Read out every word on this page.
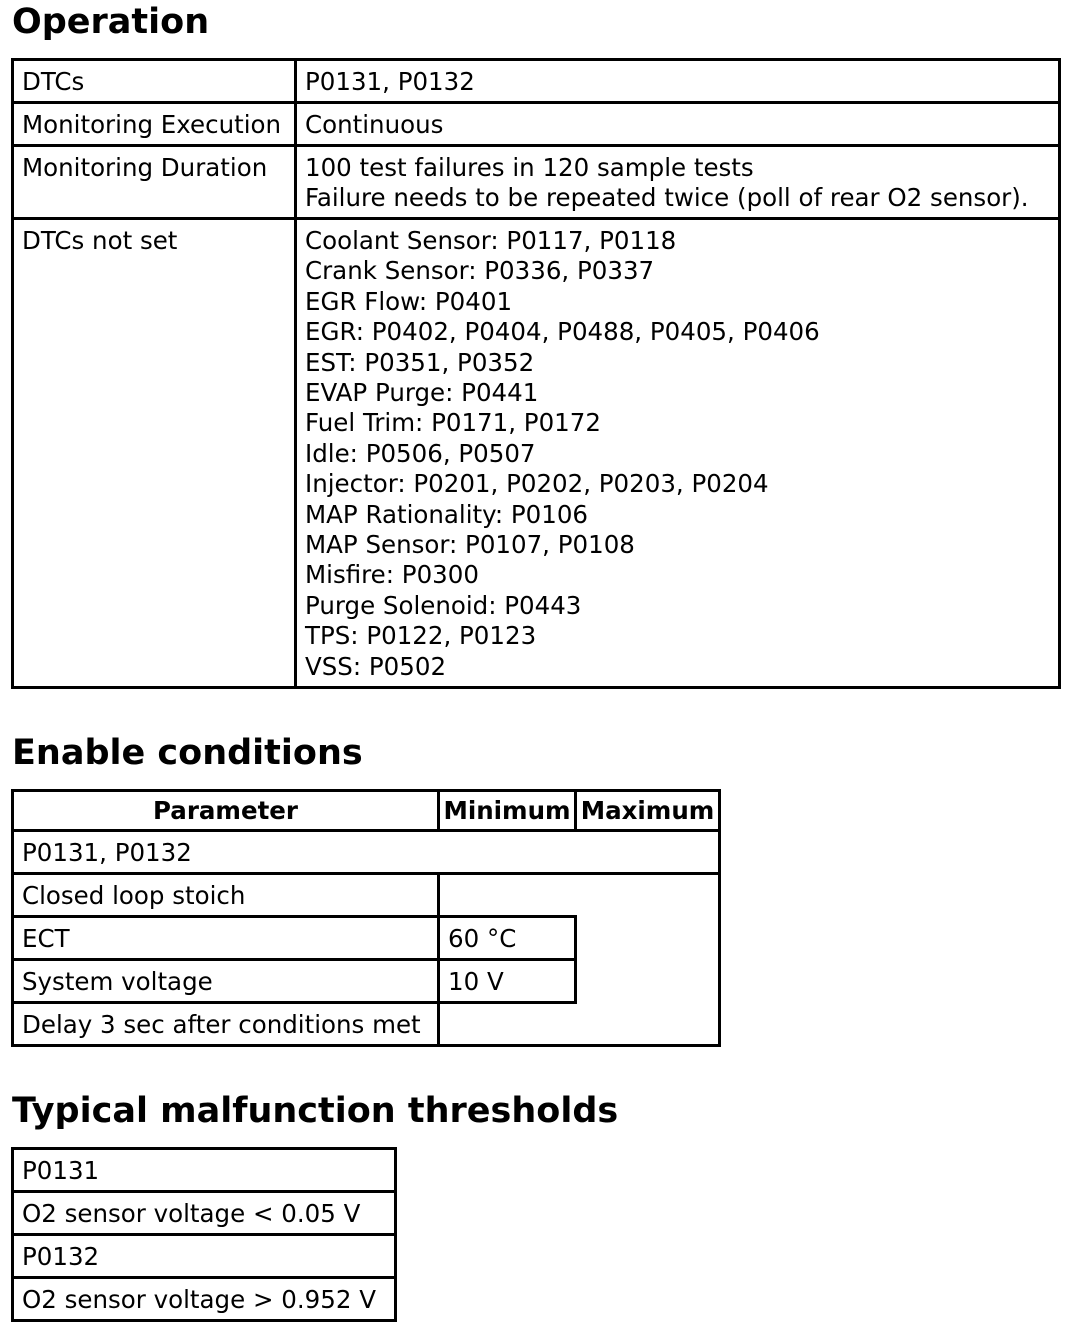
Operation
DTCs	P0131, P0132
Monitoring Execution Continuous
Monitoring Duration	100 test failures in 120 sample tests
Failure needs to be repeated twice (poll of rear O2 sensor).
DTCs not set	Coolant Sensor: P0117, P0118
Crank Sensor: P0336, P0337
EGR Flow: P0401
EGR: P0402, P0404, P0488, P0405, P0406
EST: P0351, P0352
EVAP Purge: P0441
Fuel Trim: P0171, P0172
Idle: P0506, P0507
Injector: P0201, P0202, P0203, P0204
MAP Rationality: P0106
MAP Sensor: P0107, P0108
Misfire: P0300
Purge Solenoid: P0443
TPS: P0122, P0123
VSS: P0502
Enable conditions
Parameter	Minimum Maximum
P0131, P0132
Closed loop stoich
ECT	60 °C
System voltage	10 V
Delay 3 sec after conditions met
Typical malfunction thresholds
P0131
O2 sensor voltage < 0.05 V
P0132
O2 sensor voltage > 0.952 V
